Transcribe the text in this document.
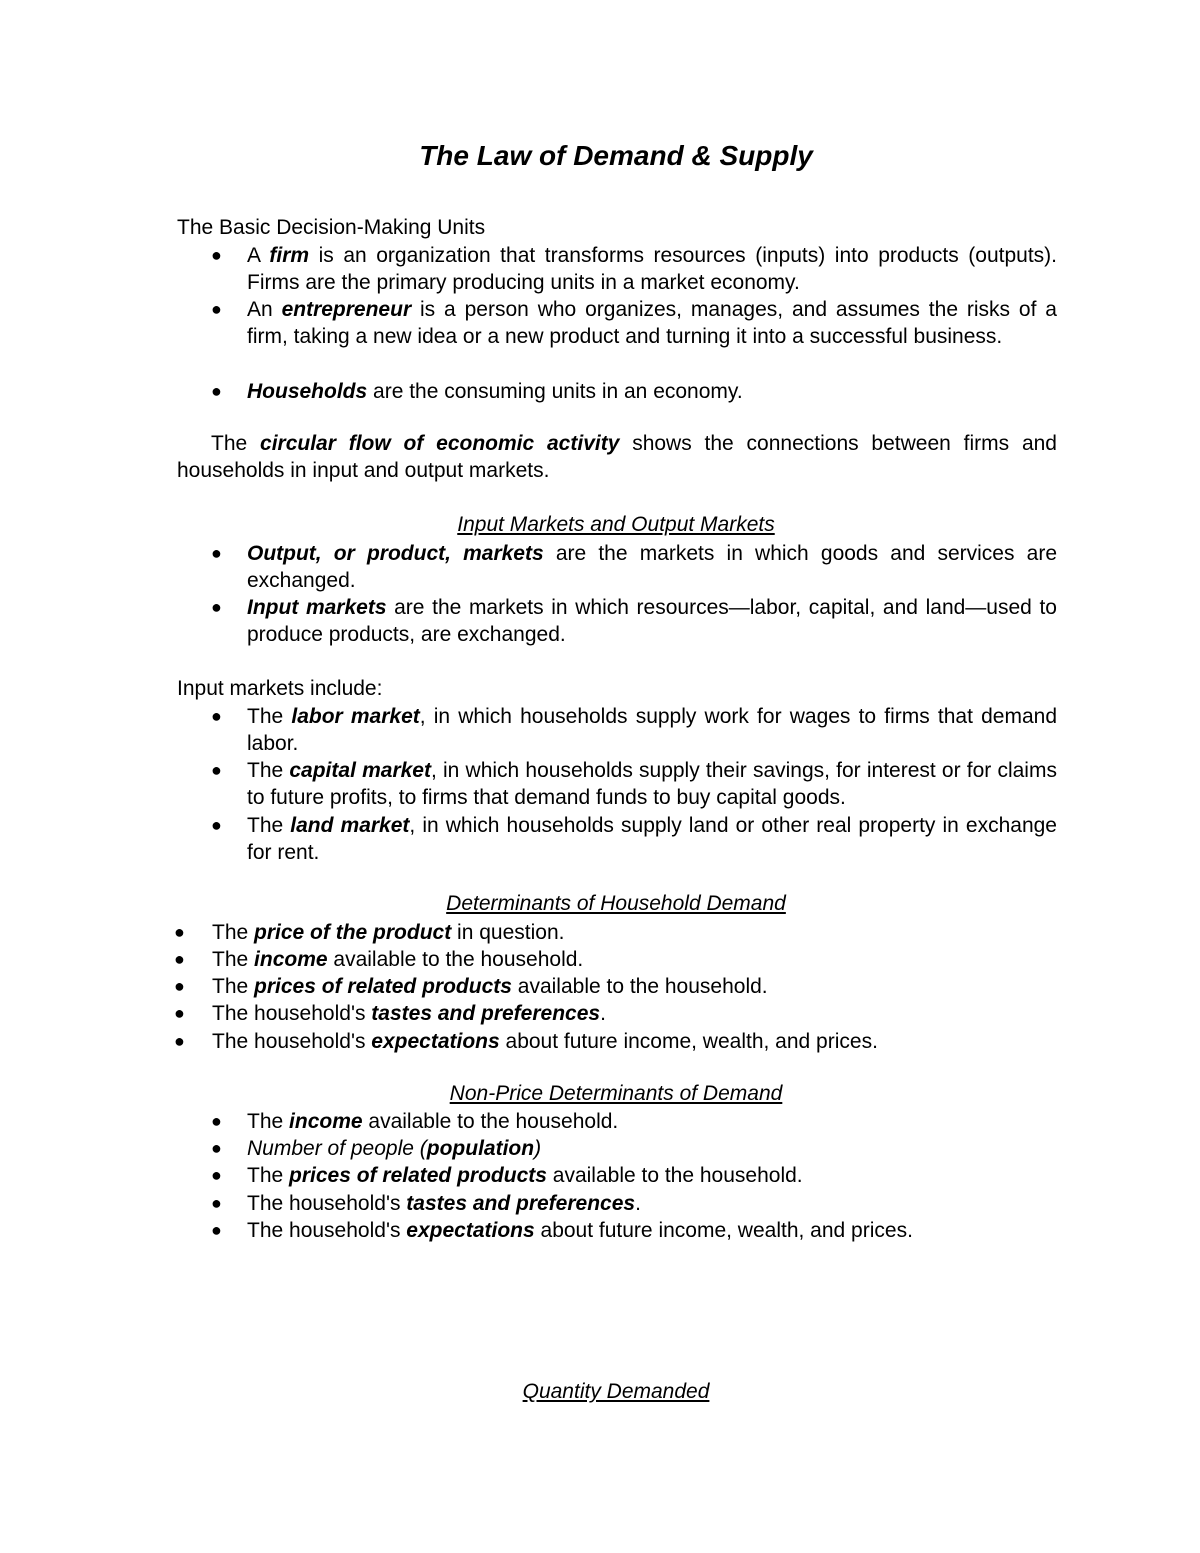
The Law of Demand & Supply
The Basic Decision-Making Units
● A firm is an organization that transforms resources (inputs) into products (outputs). Firms are the primary producing units in a market economy.
● An entrepreneur is a person who organizes, manages, and assumes the risks of a firm, taking a new idea or a new product and turning it into a successful business.
● Households are the consuming units in an economy.
The circular flow of economic activity shows the connections between firms and households in input and output markets.
Input Markets and Output Markets
● Output, or product, markets are the markets in which goods and services are exchanged.
● Input markets are the markets in which resources—labor, capital, and land—used to produce products, are exchanged.
Input markets include:
● The labor market, in which households supply work for wages to firms that demand labor.
● The capital market, in which households supply their savings, for interest or for claims to future profits, to firms that demand funds to buy capital goods.
● The land market, in which households supply land or other real property in exchange for rent.
Determinants of Household Demand
● The price of the product in question.
● The income available to the household.
● The prices of related products available to the household.
● The household's tastes and preferences.
● The household's expectations about future income, wealth, and prices.
Non-Price Determinants of Demand
● The income available to the household.
● Number of people (population)
● The prices of related products available to the household.
● The household's tastes and preferences.
● The household's expectations about future income, wealth, and prices.
Quantity Demanded
